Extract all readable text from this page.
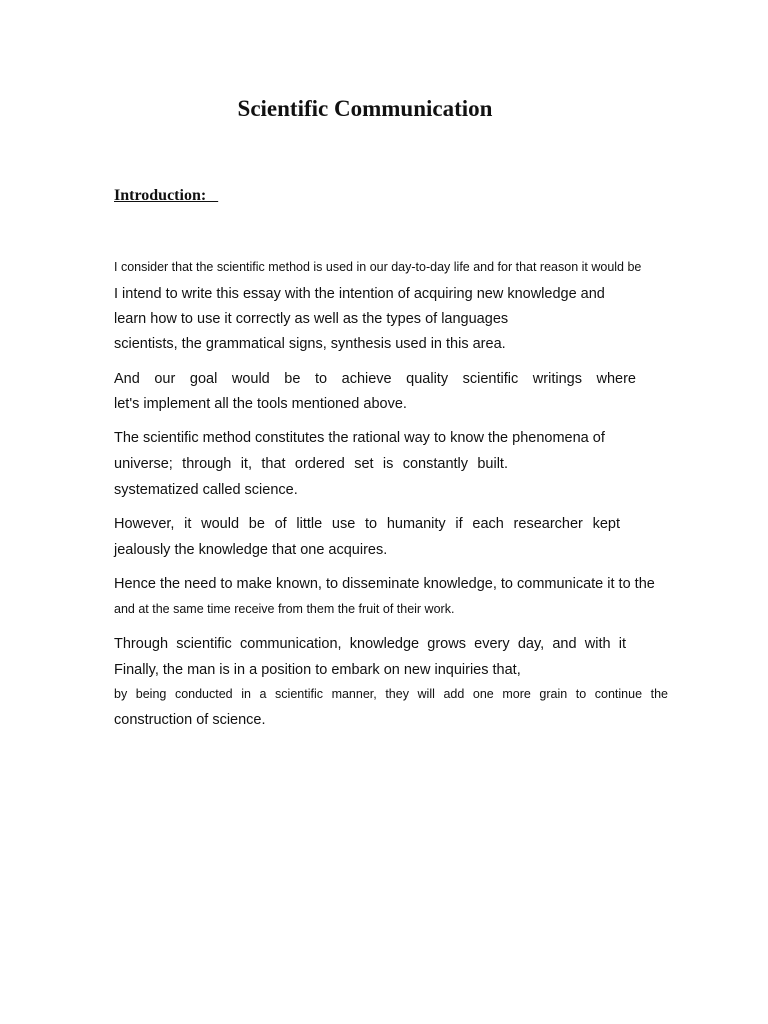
Scientific Communication

Introduction:

I consider that the scientific method is used in our day-to-day life and for that reason it would be

I intend to write this essay with the intention of acquiring new knowledge and

learn how to use it correctly as well as the types of languages

scientists, the grammatical signs, synthesis used in this area.

And our goal would be to achieve quality scientific writings where

let's implement all the tools mentioned above.

The scientific method constitutes the rational way to know the phenomena of

universe; through it, that ordered set is constantly built.

systematized called science.

However, it would be of little use to humanity if each researcher kept

jealously the knowledge that one acquires.

Hence the need to make known, to disseminate knowledge, to communicate it to the

and at the same time receive from them the fruit of their work.

Through scientific communication, knowledge grows every day, and with it

Finally, the man is in a position to embark on new inquiries that,

by being conducted in a scientific manner, they will add one more grain to continue the

construction of science.
